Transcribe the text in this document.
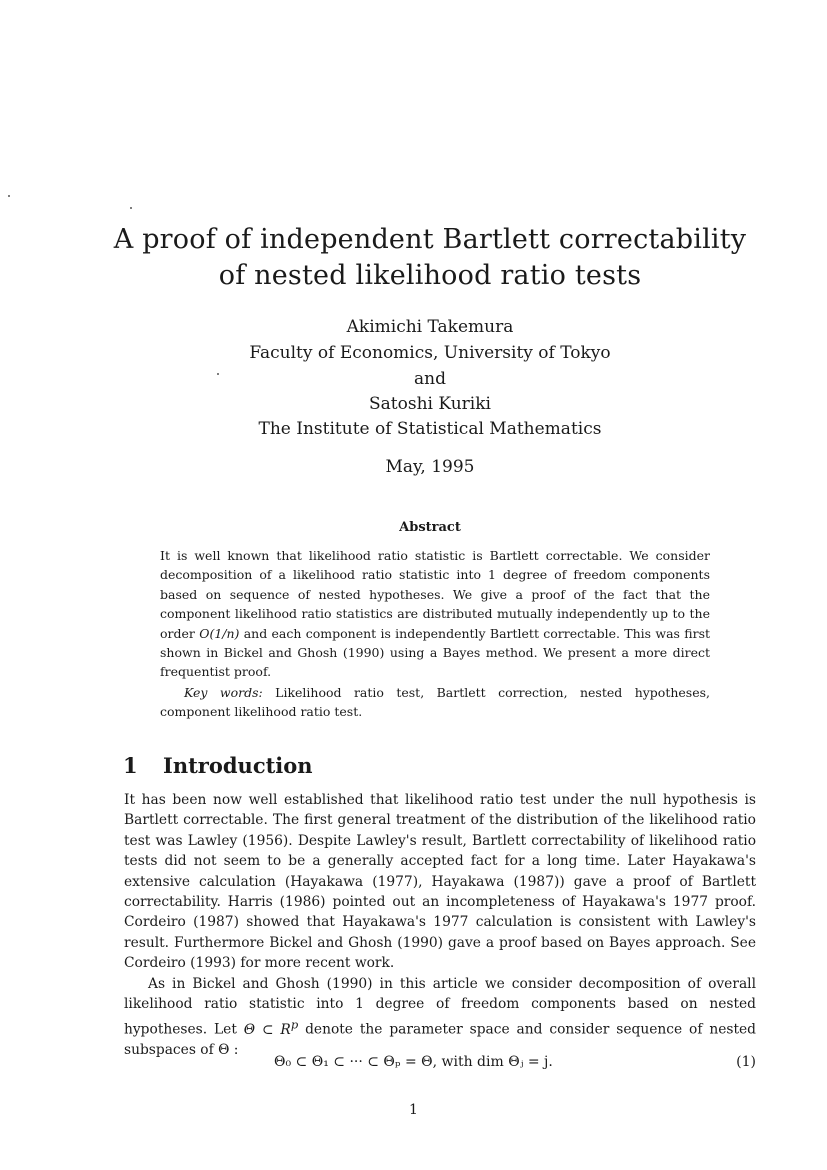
A proof of independent Bartlett correctability of nested likelihood ratio tests
Akimichi Takemura
Faculty of Economics, University of Tokyo
and
Satoshi Kuriki
The Institute of Statistical Mathematics
May, 1995
Abstract

It is well known that likelihood ratio statistic is Bartlett correctable. We consider decomposition of a likelihood ratio statistic into 1 degree of freedom components based on sequence of nested hypotheses. We give a proof of the fact that the component likelihood ratio statistics are distributed mutually independently up to the order O(1/n) and each component is independently Bartlett correctable. This was first shown in Bickel and Ghosh (1990) using a Bayes method. We present a more direct frequentist proof.

Key words: Likelihood ratio test, Bartlett correction, nested hypotheses, component likelihood ratio test.

1 Introduction

It has been now well established that likelihood ratio test under the null hypothesis is Bartlett correctable. The first general treatment of the distribution of the likelihood ratio test was Lawley (1956). Despite Lawley's result, Bartlett correctability of likelihood ratio tests did not seem to be a generally accepted fact for a long time. Later Hayakawa's extensive calculation (Hayakawa (1977), Hayakawa (1987)) gave a proof of Bartlett correctability. Harris (1986) pointed out an incompleteness of Hayakawa's 1977 proof. Cordeiro (1987) showed that Hayakawa's 1977 calculation is consistent with Lawley's result. Furthermore Bickel and Ghosh (1990) gave a proof based on Bayes approach. See Cordeiro (1993) for more recent work.

As in Bickel and Ghosh (1990) in this article we consider decomposition of overall likelihood ratio statistic into 1 degree of freedom components based on nested hypotheses. Let Θ ⊂ $R^p$ denote the parameter space and consider sequence of nested subspaces of Θ :

Θ₀ ⊂ Θ₁ ⊂ ··· ⊂ Θₚ = Θ, with dim Θⱼ = j.	(1)
1
